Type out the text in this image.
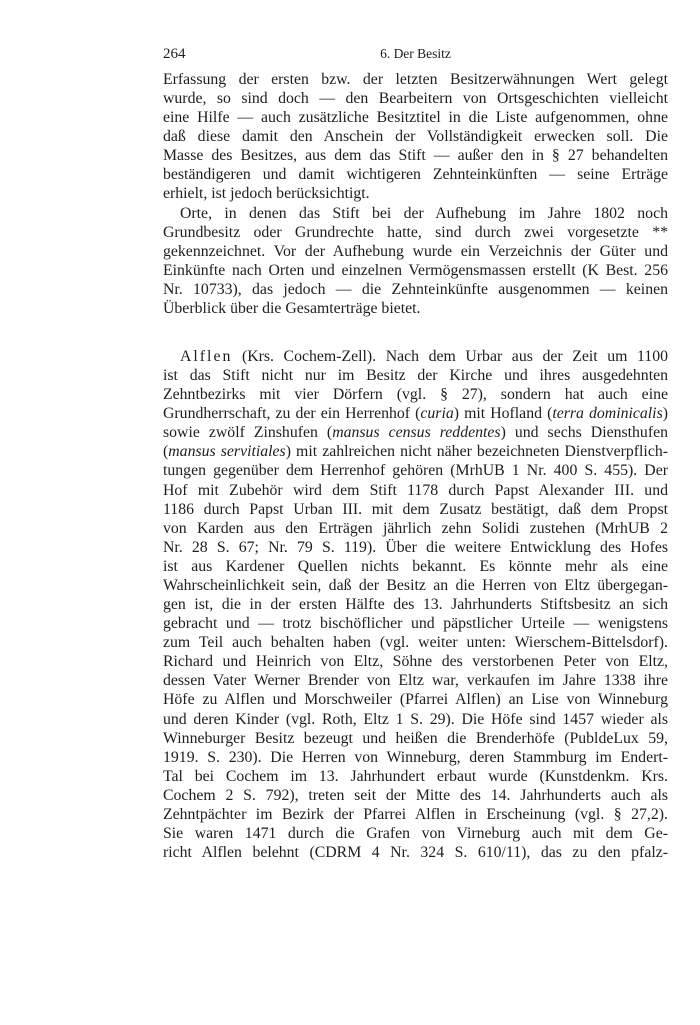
264	6. Der Besitz
Erfassung der ersten bzw. der letzten Besitzerwähnungen Wert gelegt
wurde, so sind doch — den Bearbeitern von Ortsgeschichten vielleicht
eine Hilfe — auch zusätzliche Besitztitel in die Liste aufgenommen, ohne
daß diese damit den Anschein der Vollständigkeit erwecken soll. Die
Masse des Besitzes, aus dem das Stift — außer den in § 27 behandelten
beständigeren und damit wichtigeren Zehnteinkünften — seine Erträge
erhielt, ist jedoch berücksichtigt.
Orte, in denen das Stift bei der Aufhebung im Jahre 1802 noch
Grundbesitz oder Grundrechte hatte, sind durch zwei vorgesetzte **
gekennzeichnet. Vor der Aufhebung wurde ein Verzeichnis der Güter und
Einkünfte nach Orten und einzelnen Vermögensmassen erstellt (K Best. 256
Nr. 10733), das jedoch — die Zehnteinkünfte ausgenommen — keinen
Überblick über die Gesamterträge bietet.
Alflen (Krs. Cochem-Zell). Nach dem Urbar aus der Zeit um 1100
ist das Stift nicht nur im Besitz der Kirche und ihres ausgedehnten
Zehntbezirks mit vier Dörfern (vgl. § 27), sondern hat auch eine
Grundherrschaft, zu der ein Herrenhof (curia) mit Hofland (terra dominicalis)
sowie zwölf Zinshufen (mansus census reddentes) und sechs Diensthufen
(mansus servitiales) mit zahlreichen nicht näher bezeichneten Dienstverpflich-
tungen gegenüber dem Herrenhof gehören (MrhUB 1 Nr. 400 S. 455). Der
Hof mit Zubehör wird dem Stift 1178 durch Papst Alexander III. und
1186 durch Papst Urban III. mit dem Zusatz bestätigt, daß dem Propst
von Karden aus den Erträgen jährlich zehn Solidi zustehen (MrhUB 2
Nr. 28 S. 67; Nr. 79 S. 119). Über die weitere Entwicklung des Hofes
ist aus Kardener Quellen nichts bekannt. Es könnte mehr als eine
Wahrscheinlichkeit sein, daß der Besitz an die Herren von Eltz übergegan-
gen ist, die in der ersten Hälfte des 13. Jahrhunderts Stiftsbesitz an sich
gebracht und — trotz bischöflicher und päpstlicher Urteile — wenigstens
zum Teil auch behalten haben (vgl. weiter unten: Wierschem-Bittelsdorf).
Richard und Heinrich von Eltz, Söhne des verstorbenen Peter von Eltz,
dessen Vater Werner Brender von Eltz war, verkaufen im Jahre 1338 ihre
Höfe zu Alflen und Morschweiler (Pfarrei Alflen) an Lise von Winneburg
und deren Kinder (vgl. Roth, Eltz 1 S. 29). Die Höfe sind 1457 wieder als
Winneburger Besitz bezeugt und heißen die Brenderhöfe (PubldeLux 59,
1919. S. 230). Die Herren von Winneburg, deren Stammburg im Endert-
Tal bei Cochem im 13. Jahrhundert erbaut wurde (Kunstdenkm. Krs.
Cochem 2 S. 792), treten seit der Mitte des 14. Jahrhunderts auch als
Zehntpächter im Bezirk der Pfarrei Alflen in Erscheinung (vgl. § 27,2).
Sie waren 1471 durch die Grafen von Virneburg auch mit dem Ge-
richt Alflen belehnt (CDRM 4 Nr. 324 S. 610/11), das zu den pfalz-
